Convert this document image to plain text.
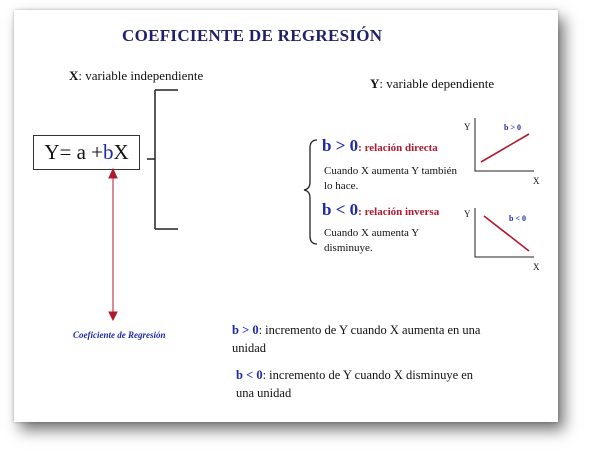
COEFICIENTE DE REGRESIÓN
X: variable independiente
Y: variable dependiente
Y= a +bX
Coeficiente de Regresión
b > 0: relación directa
Cuando X aumenta Y también
lo hace.
b < 0: relación inversa
Cuando X aumenta Y
disminuye.
Y
X
b > 0
Y
X
b < 0
b > 0: incremento de Y cuando X aumenta en una
unidad
b < 0: incremento de Y cuando X disminuye en
una unidad
